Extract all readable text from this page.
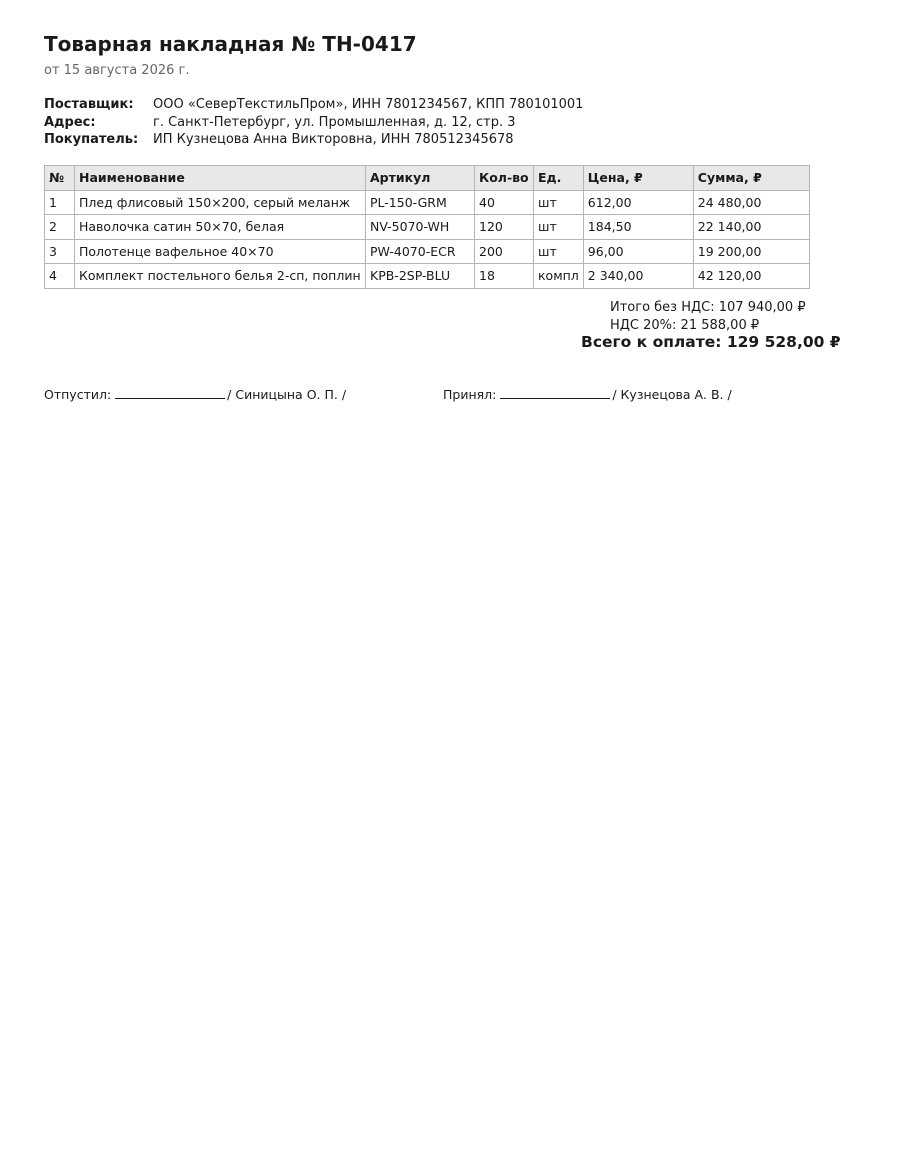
Товарная накладная № ТН-0417
от 15 августа 2026 г.
Поставщик:	ООО «СеверТекстильПром», ИНН 7801234567, КПП 780101001
Адрес:	г. Санкт-Петербург, ул. Промышленная, д. 12, стр. 3
Покупатель:	ИП Кузнецова Анна Викторовна, ИНН 780512345678
№	Наименование	Артикул	Кол-во	Ед.	Цена, ₽	Сумма, ₽
1	Плед флисовый 150×200, серый меланж	PL-150-GRM	40	шт	612,00	24 480,00
2	Наволочка сатин 50×70, белая	NV-5070-WH	120	шт	184,50	22 140,00
3	Полотенце вафельное 40×70	PW-4070-ECR	200	шт	96,00	19 200,00
4	Комплект постельного белья 2-сп, поплин	KPB-2SP-BLU	18	компл	2 340,00	42 120,00
Итого без НДС: 107 940,00 ₽
НДС 20%: 21 588,00 ₽
Всего к оплате: 129 528,00 ₽
Отпустил:	/ Синицына О. П. /	Принял:	/ Кузнецова А. В. /
